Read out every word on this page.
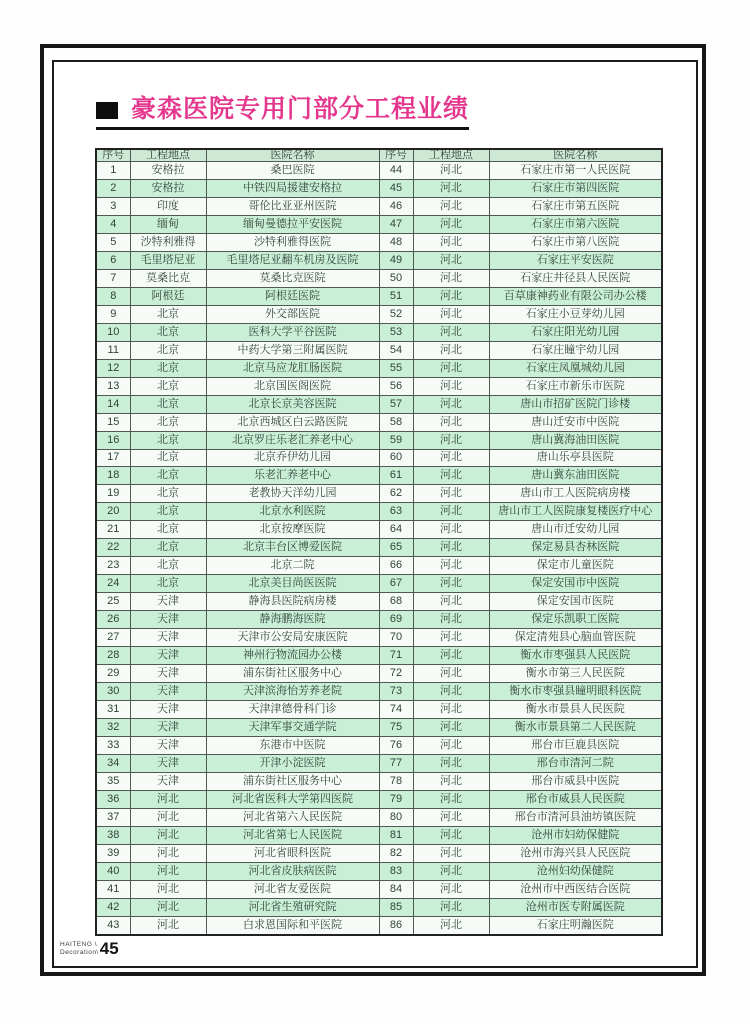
豪森医院专用门部分工程业绩
序号	工程地点	医院名称	序号	工程地点	医院名称
1	安格拉	桑巴医院	44	河北	石家庄市第一人民医院
2	安格拉	中铁四局援建安格拉	45	河北	石家庄市第四医院
3	印度	哥伦比亚亚州医院	46	河北	石家庄市第五医院
4	缅甸	缅甸曼德拉平安医院	47	河北	石家庄市第六医院
5	沙特利雅得	沙特利雅得医院	48	河北	石家庄市第八医院
6	毛里塔尼亚	毛里塔尼亚翻车机房及医院	49	河北	石家庄平安医院
7	莫桑比克	莫桑比克医院	50	河北	石家庄井径县人民医院
8	阿根廷	阿根廷医院	51	河北	百草康神药业有限公司办公楼
9	北京	外交部医院	52	河北	石家庄小豆芽幼儿园
10	北京	医科大学平谷医院	53	河北	石家庄阳光幼儿园
11	北京	中药大学第三附属医院	54	河北	石家庄瞳宇幼儿园
12	北京	北京马应龙肛肠医院	55	河北	石家庄凤凰城幼儿园
13	北京	北京国医阁医院	56	河北	石家庄市新乐市医院
14	北京	北京长京美容医院	57	河北	唐山市招矿医院门诊楼
15	北京	北京西城区白云路医院	58	河北	唐山迁安市中医院
16	北京	北京罗庄乐老汇养老中心	59	河北	唐山冀海油田医院
17	北京	北京乔伊幼儿园	60	河北	唐山乐亭县医院
18	北京	乐老汇养老中心	61	河北	唐山冀东油田医院
19	北京	老教协天洋幼儿园	62	河北	唐山市工人医院病房楼
20	北京	北京水利医院	63	河北	唐山市工人医院康复楼医疗中心
21	北京	北京按摩医院	64	河北	唐山市迁安幼儿园
22	北京	北京丰台区博爱医院	65	河北	保定易县杏林医院
23	北京	北京二院	66	河北	保定市儿童医院
24	北京	北京美目尚医医院	67	河北	保定安国市中医院
25	天津	静海县医院病房楼	68	河北	保定安国市医院
26	天津	静海鹏海医院	69	河北	保定乐凯职工医院
27	天津	天津市公安局安康医院	70	河北	保定清苑县心脑血管医院
28	天津	神州行物流园办公楼	71	河北	衡水市枣强县人民医院
29	天津	浦东街社区服务中心	72	河北	衡水市第三人民医院
30	天津	天津滨海怡芳养老院	73	河北	衡水市枣强县瞳明眼科医院
31	天津	天津津德骨科门诊	74	河北	衡水市景县人民医院
32	天津	天津军事交通学院	75	河北	衡水市景县第二人民医院
33	天津	东港市中医院	76	河北	邢台市巨鹿县医院
34	天津	开津小淀医院	77	河北	邢台市清河二院
35	天津	浦东街社区服务中心	78	河北	邢台市威县中医院
36	河北	河北省医科大学第四医院	79	河北	邢台市威县人民医院
37	河北	河北省第六人民医院	80	河北	邢台市清河县油坊镇医院
38	河北	河北省第七人民医院	81	河北	沧州市妇幼保健院
39	河北	河北省眼科医院	82	河北	沧州市海兴县人民医院
40	河北	河北省皮肤病医院	83	河北	沧州妇幼保健院
41	河北	河北省友爱医院	84	河北	沧州市中西医结合医院
42	河北	河北省生殖研究院	85	河北	沧州市医专附属医院
43	河北	白求恩国际和平医院	86	河北	石家庄明瀚医院
HAITENG \
Decoration\ 45
